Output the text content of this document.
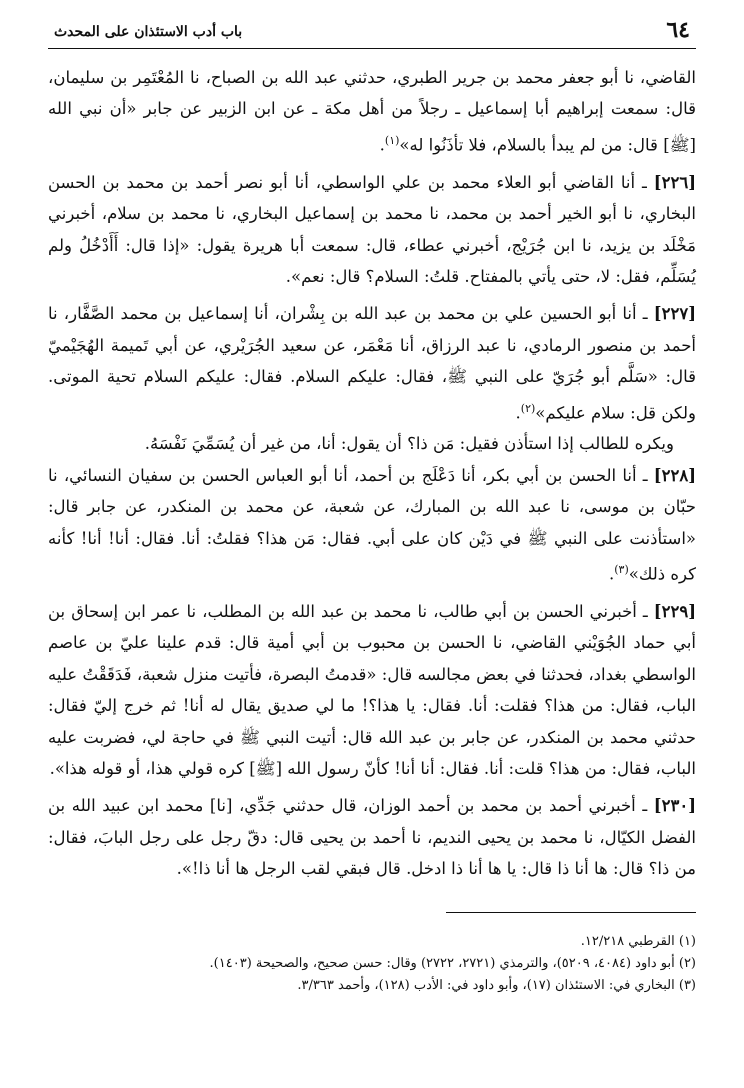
٦٤
باب أدب الاستئذان على المحدث

القاضي، نا أبو جعفر محمد بن جرير الطبري، حدثني عبد الله بن الصباح، نا المُعْتَمِر بن سليمان، قال: سمعت إبراهيم أبا إسماعيل ـ رجلاً من أهل مكة ـ عن ابن الزبير عن جابر «أن نبي الله [ﷺ] قال: من لم يبدأ بالسلام، فلا تأذَنُوا له»$^{(١)}$.

[٢٢٦] ـ أنا القاضي أبو العلاء محمد بن علي الواسطي، أنا أبو نصر أحمد بن محمد بن الحسن البخاري، نا أبو الخير أحمد بن محمد، نا محمد بن إسماعيل البخاري، نا محمد بن سلام، أخبرني مَخْلَد بن يزيد، نا ابن جُرَيْج، أخبرني عطاء، قال: سمعت أبا هريرة يقول: «إذا قال: أَأَدْخُلُ ولم يُسَلِّم، فقل: لا، حتى يأتي بالمفتاح. قلتُ: السلام؟ قال: نعم».

[٢٢٧] ـ أنا أبو الحسين علي بن محمد بن عبد الله بن بِشْران، أنا إسماعيل بن محمد الصَّفَّار، نا أحمد بن منصور الرمادي، نا عبد الرزاق، أنا مَعْمَر، عن سعيد الجُرَيْري، عن أبي تَميمة الهُجَيْميّ قال: «سَلَّم أبو جُرَيّ على النبي ﷺ، فقال: عليكم السلام. فقال: عليكم السلام تحية الموتى. ولكن قل: سلام عليكم»$^{(٢)}$.

ويكره للطالب إذا استأذن فقيل: مَن ذا؟ أن يقول: أنا، من غير أن يُسَمِّيَ نَفْسَهُ.

[٢٢٨] ـ أنا الحسن بن أبي بكر، أنا دَعْلَج بن أحمد، أنا أبو العباس الحسن بن سفيان النسائي، نا حبّان بن موسى، نا عبد الله بن المبارك، عن شعبة، عن محمد بن المنكدر، عن جابر قال: «استأذنت على النبي ﷺ في دَيْن كان على أبي. فقال: مَن هذا؟ فقلتُ: أنا. فقال: أنا! أنا! كأنه كره ذلك»$^{(٣)}$.

[٢٢٩] ـ أخبرني الحسن بن أبي طالب، نا محمد بن عبد الله بن المطلب، نا عمر ابن إسحاق بن أبي حماد الجُوَيْني القاضي، نا الحسن بن محبوب بن أبي أمية قال: قدم علينا عليّ بن عاصم الواسطي بغداد، فحدثنا في بعض مجالسه قال: «قدمتُ البصرة، فأتيت منزل شعبة، فَدَقَقْتُ عليه الباب، فقال: من هذا؟ فقلت: أنا. فقال: يا هذا؟! ما لي صديق يقال له أنا! ثم خرج إليّ فقال: حدثني محمد بن المنكدر، عن جابر بن عبد الله قال: أتيت النبي ﷺ في حاجة لي، فضربت عليه الباب، فقال: من هذا؟ قلت: أنا. فقال: أنا أنا! كأنّ رسول الله [ﷺ] كره قولي هذا، أو قوله هذا».

[٢٣٠] ـ أخبرني أحمد بن محمد بن أحمد الوزان، قال حدثني جَدِّي، [نا] محمد ابن عبيد الله بن الفضل الكيّال، نا محمد بن يحيى النديم، نا أحمد بن يحيى قال: دقّ رجل على رجل البابَ، فقال: من ذا؟ قال: ها أنا ذا قال: يا ها أنا ذا ادخل. قال فبقي لقب الرجل ها أنا ذا!».

(١) القرطبي ١٢/٢١٨.

(٢) أبو داود (٤٠٨٤، ٥٢٠٩)، والترمذي (٢٧٢١، ٢٧٢٢) وقال: حسن صحيح، والصحيحة (١٤٠٣).

(٣) البخاري في: الاستئذان (١٧)، وأبو داود في: الأدب (١٢٨)، وأحمد ٣/٣٦٣.
